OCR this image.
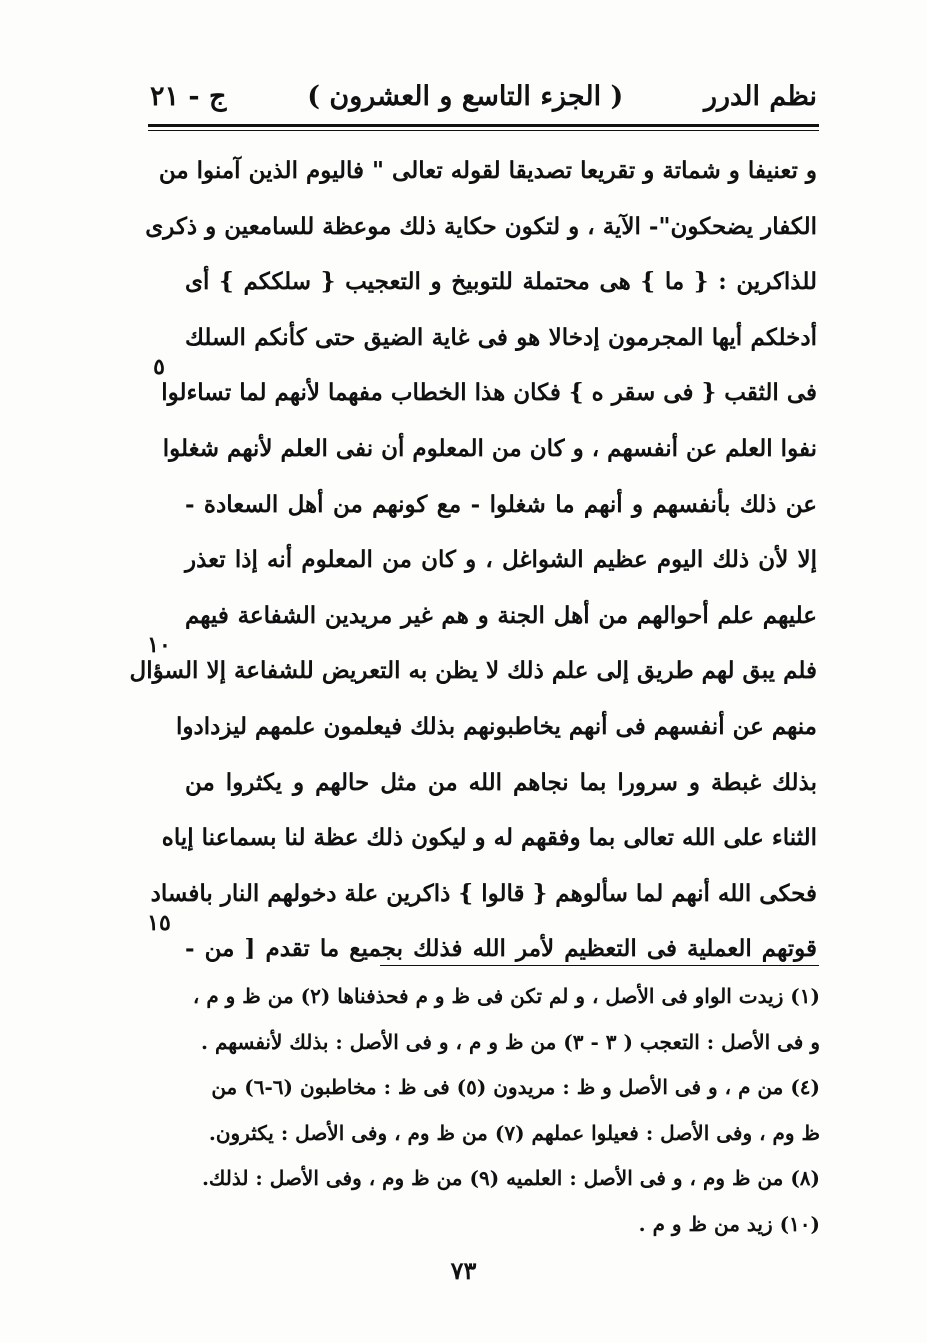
نظم الدرر
( الجزء التاسع و العشرون )
ج - ٢١
و تعنيفا و شماتة و تقريعا تصديقا لقوله تعالى " فاليوم الذين آمنوا من
الكفار يضحكون"- الآية ، و لتكون حكاية ذلك موعظة للسامعين و ذكرى
للذاكرين : { ما } هى محتملة للتوبيخ و التعجيب { سلككم } أى
أدخلكم أيها المجرمون إدخالا هو فى غاية الضيق حتى كأنكم السلك
فى الثقب { فى سقر ه } فكان هذا الخطاب مفهما لأنهم لما تساءلوا
نفوا العلم عن أنفسهم ، و كان من المعلوم أن نفى العلم لأنهم شغلوا
عن ذلك بأنفسهم و أنهم ما شغلوا - مع كونهم من أهل السعادة -
إلا لأن ذلك اليوم عظيم الشواغل ، و كان من المعلوم أنه إذا تعذر
عليهم علم أحوالهم من أهل الجنة و هم غير مريدين الشفاعة فيهم
فلم يبق لهم طريق إلى علم ذلك لا يظن به التعريض للشفاعة إلا السؤال
منهم عن أنفسهم فى أنهم يخاطبونهم بذلك فيعلمون علمهم ليزدادوا
بذلك غبطة و سرورا بما نجاهم الله من مثل حالهم و يكثروا من
الثناء على الله تعالى بما وفقهم له و ليكون ذلك عظة لنا بسماعنا إياه
فحكى الله أنهم لما سألوهم { قالوا } ذاكرين علة دخولهم النار بافساد
قوتهم العملية فى التعظيم لأمر الله فذلك بجميع ما تقدم [ من -
٥
١٠
١٥
(١) زيدت الواو فى الأصل ، و لم تكن فى ظ و م فحذفناها (٢) من ظ و م ،
و فى الأصل : التعجب ( ٣ - ٣) من ظ و م ، و فى الأصل : بذلك لأنفسهم .
(٤) من م ، و فى الأصل و ظ : مريدون (٥) فى ظ : مخاطبون (٦-٦) من
ظ وم ، وفى الأصل : فعيلوا عملهم (٧) من ظ وم ، وفى الأصل : يكثرون.
(٨) من ظ وم ، و فى الأصل : العلميه (٩) من ظ وم ، وفى الأصل : لذلك.
(١٠) زيد من ظ و م .
٧٣
